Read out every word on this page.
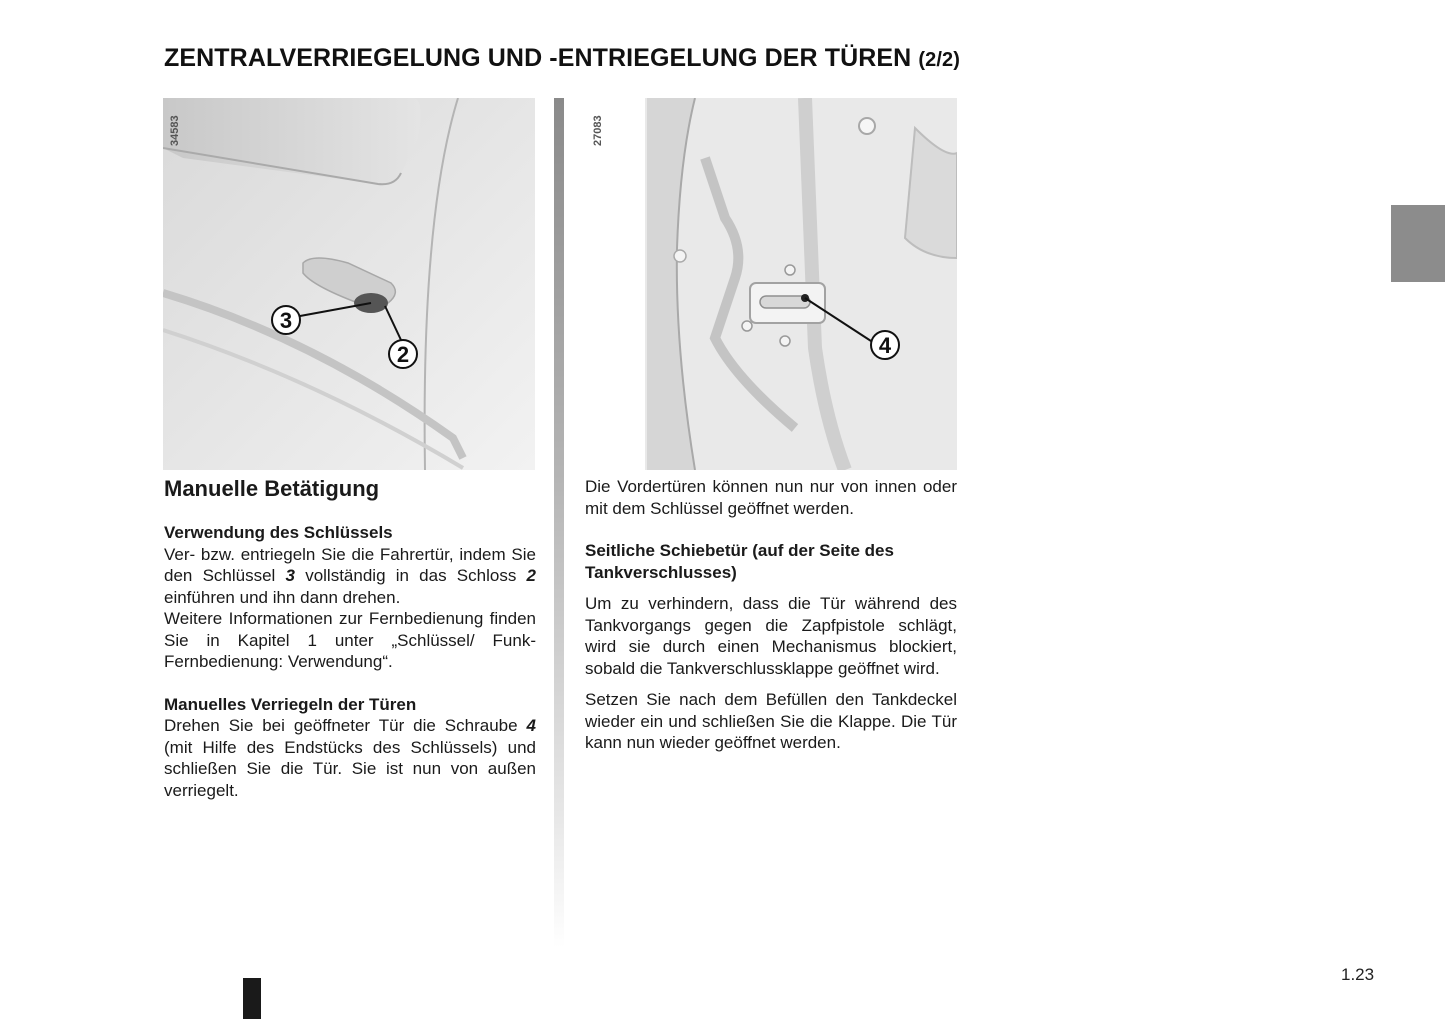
ZENTRALVERRIEGELUNG UND -ENTRIEGELUNG DER TÜREN (2/2)
3
2
34583
4
27083
Manuelle Betätigung

Verwendung des Schlüssels

Ver- bzw. entriegeln Sie die Fahrertür, indem Sie den Schlüssel 3 vollständig in das Schloss 2 einführen und ihn dann drehen.

Weitere Informationen zur Fernbedienung finden Sie in Kapitel 1 unter „Schlüssel/ Funk-Fernbedienung: Verwendung“.

Manuelles Verriegeln der Türen

Drehen Sie bei geöffneter Tür die Schraube 4 (mit Hilfe des Endstücks des Schlüssels) und schließen Sie die Tür. Sie ist nun von außen verriegelt.

Die Vordertüren können nun nur von innen oder mit dem Schlüssel geöffnet werden.

Seitliche Schiebetür (auf der Seite des Tankverschlusses)

Um zu verhindern, dass die Tür während des Tankvorgangs gegen die Zapfpistole schlägt, wird sie durch einen Mechanismus blockiert, sobald die Tankverschlussklappe geöffnet wird.

Setzen Sie nach dem Befüllen den Tankdeckel wieder ein und schließen Sie die Klappe. Die Tür kann nun wieder geöffnet werden.

1.23
